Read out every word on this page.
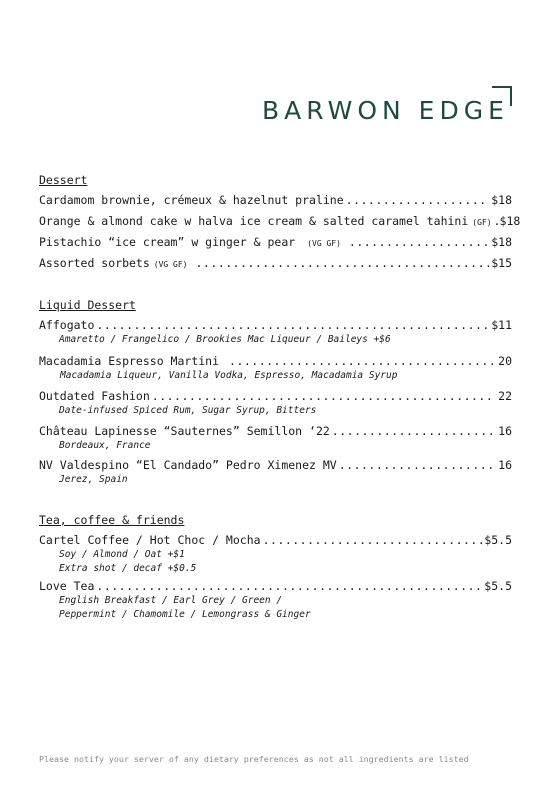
BARWON EDGE
Dessert
Cardamom brownie, crémeux & hazelnut praline .....	$18
Orange & almond cake w halva ice cream & salted caramel tahini (GF) ..... $18
Pistachio “ice cream” w ginger & pear (VG GF) .....	$18
Assorted sorbets (VG GF) .....	$15
Liquid Dessert
Affogato .....	$11
Amaretto / Frangelico / Brookies Mac Liqueur / Baileys +$6
Macadamia Espresso Martini .....	20
Macadamia Liqueur, Vanilla Vodka, Espresso, Macadamia Syrup
Outdated Fashion .....	22
Date-infused Spiced Rum, Sugar Syrup, Bitters
Château Lapinesse “Sauternes” Semillon ‘22 .....	16
Bordeaux, France
NV Valdespino “El Candado” Pedro Ximenez MV .....	16
Jerez, Spain
Tea, coffee & friends
Cartel Coffee / Hot Choc / Mocha .....	$5.5
Soy / Almond / Oat +$1
Extra shot / decaf +$0.5
Love Tea .....	$5.5
English Breakfast / Earl Grey / Green /
Peppermint / Chamomile / Lemongrass & Ginger
Please notify your server of any dietary preferences as not all ingredients are listed
